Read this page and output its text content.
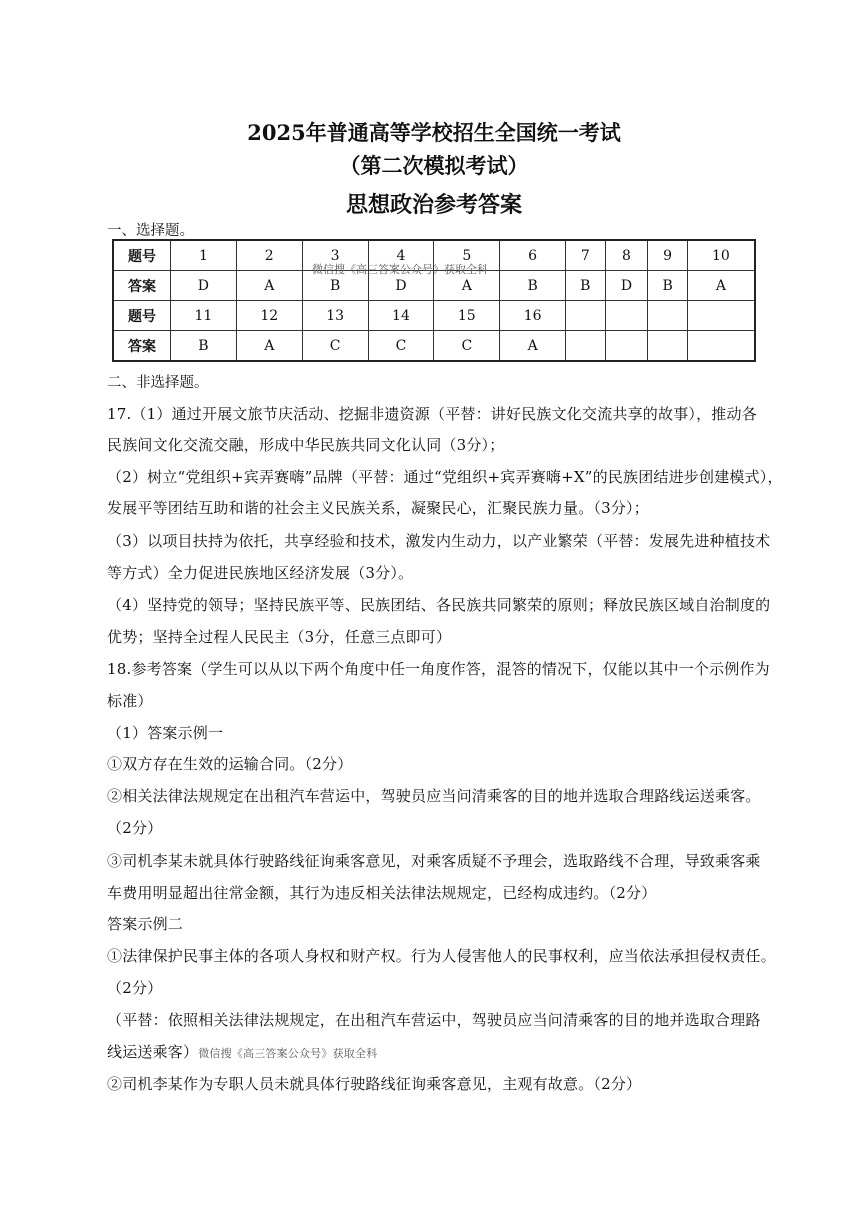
2025年普通高等学校招生全国统一考试
（第二次模拟考试）
思想政治参考答案
一、选择题。
题号	1	2	3	4	5	6	7	8	9	10
答案	D	A	B	D	A	B	B	D	B	A
题号	11	12	13	14	15	16				
答案	B	A	C	C	C	A				
微信搜《高三答案公众号》获取全科
二、非选择题。
17.（1）通过开展文旅节庆活动、挖掘非遗资源（平替：讲好民族文化交流共享的故事），推动各
民族间文化交流交融，形成中华民族共同文化认同（3分）；
（2）树立“党组织+宾弄赛嗨”品牌（平替：通过“党组织+宾弄赛嗨+X”的民族团结进步创建模式），
发展平等团结互助和谐的社会主义民族关系，凝聚民心，汇聚民族力量。（3分）；
（3）以项目扶持为依托，共享经验和技术，激发内生动力，以产业繁荣（平替：发展先进种植技术
等方式）全力促进民族地区经济发展（3分）。
（4）坚持党的领导；坚持民族平等、民族团结、各民族共同繁荣的原则；释放民族区域自治制度的
优势；坚持全过程人民民主（3分，任意三点即可）
18.参考答案（学生可以从以下两个角度中任一角度作答，混答的情况下，仅能以其中一个示例作为
标准）
（1）答案示例一
①双方存在生效的运输合同。（2分）
②相关法律法规规定在出租汽车营运中，驾驶员应当问清乘客的目的地并选取合理路线运送乘客。
（2分）
③司机李某未就具体行驶路线征询乘客意见，对乘客质疑不予理会，选取路线不合理，导致乘客乘
车费用明显超出往常金额，其行为违反相关法律法规规定，已经构成违约。（2分）
答案示例二
①法律保护民事主体的各项人身权和财产权。行为人侵害他人的民事权利，应当依法承担侵权责任。
（2分）
（平替：依照相关法律法规规定，在出租汽车营运中，驾驶员应当问清乘客的目的地并选取合理路
线运送乘客）微信搜《高三答案公众号》获取全科
②司机李某作为专职人员未就具体行驶路线征询乘客意见，主观有故意。（2分）
